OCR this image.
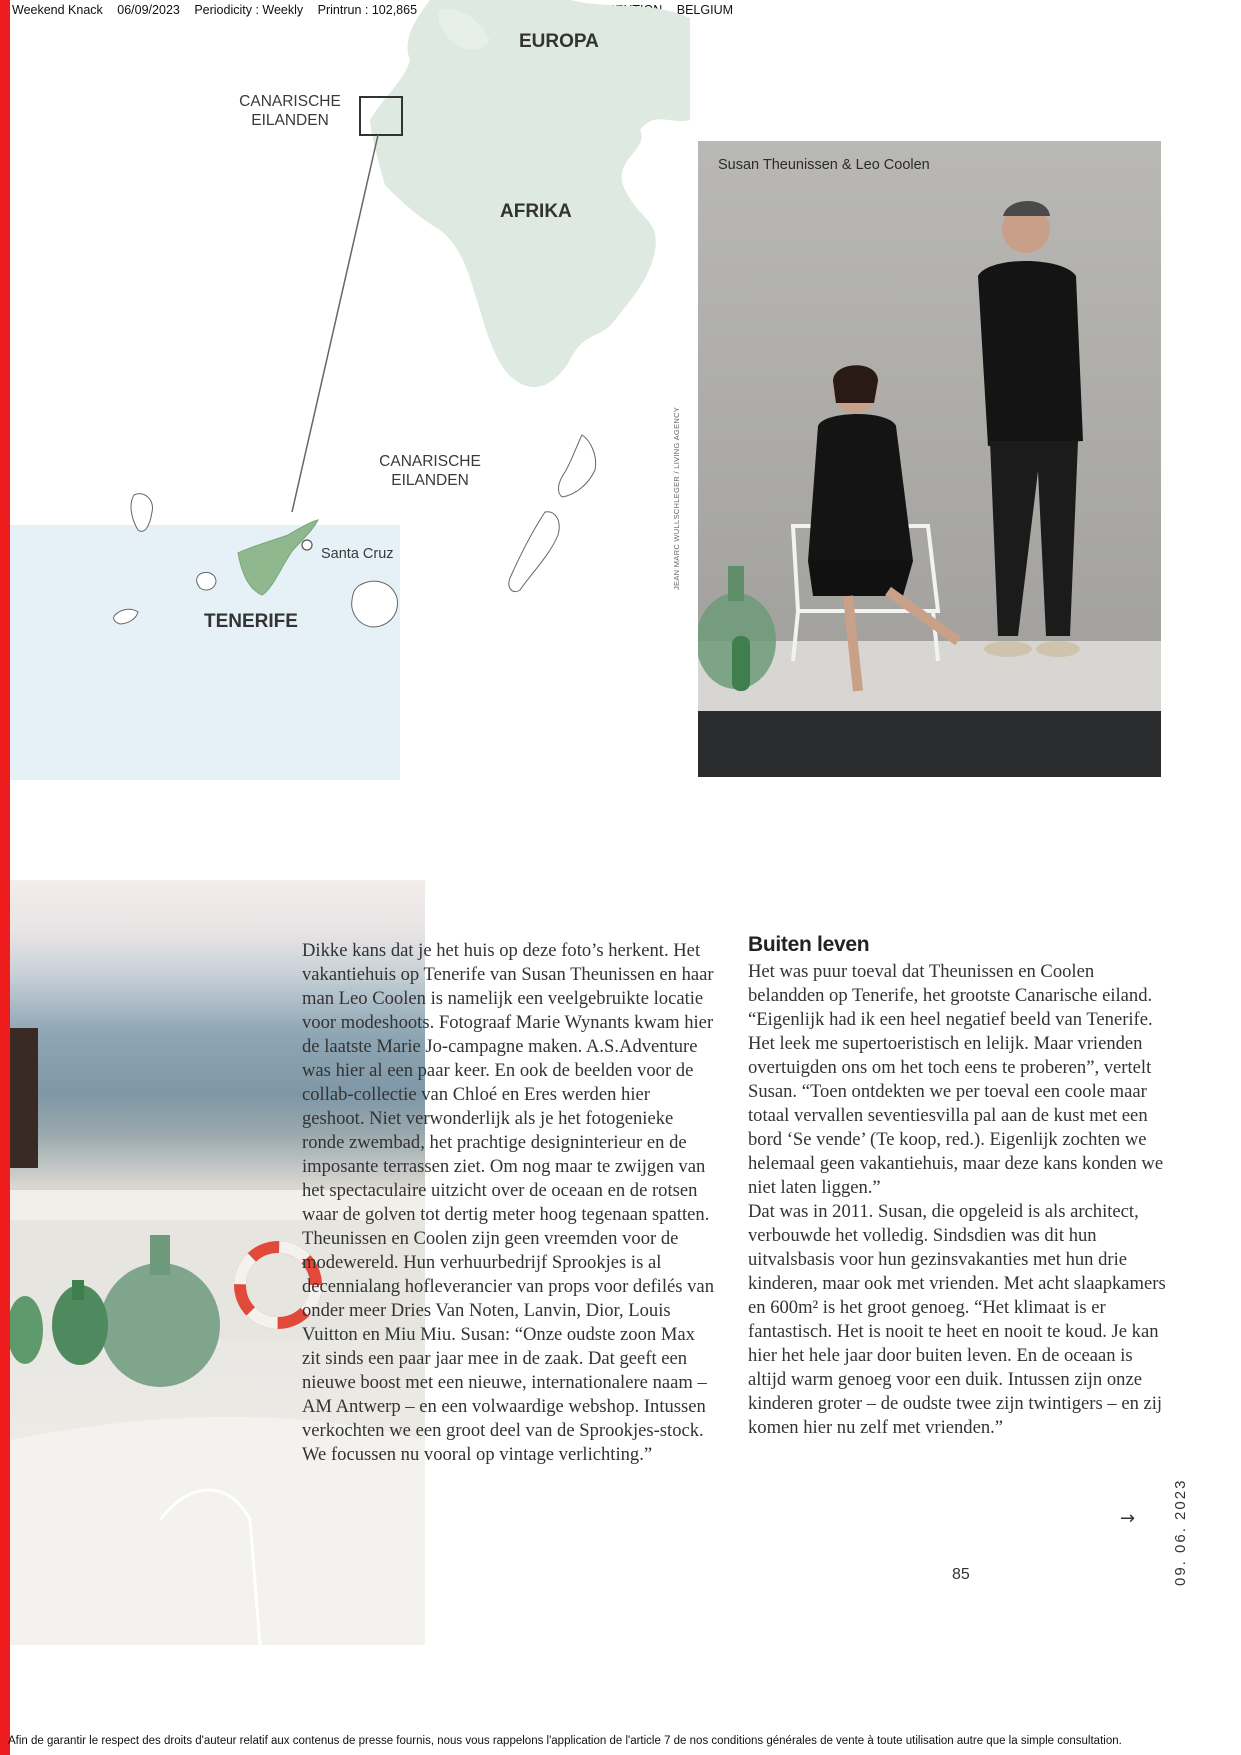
Weekend Knack 06/09/2023 Periodicity : Weekly Printrun : 102,865	BELGIUM
EUROPA
CANARISCHE
EILANDEN
AFRIKA
CANARISCHE
EILANDEN
Santa Cruz
TENERIFE
Susan Theunissen & Leo Coolen
JEAN MARC WULLSCHLEGER / LIVING AGENCY

Dikke kans dat je het huis op deze foto’s herkent. Het vakantiehuis op Tenerife van Susan Theunissen en haar man Leo Coolen is namelijk een veelgebruikte locatie voor modeshoots. Fotograaf Marie Wynants kwam hier de laatste Marie Jo-campagne maken. A.S.Adventure was hier al een paar keer. En ook de beelden voor de collab-collectie van Chloé en Eres werden hier geshoot. Niet verwonderlijk als je het fotogenieke ronde zwembad, het prachtige designinterieur en de imposante terrassen ziet. Om nog maar te zwijgen van het spectaculaire uitzicht over de oceaan en de rotsen waar de golven tot dertig meter hoog tegenaan spatten.

Theunissen en Coolen zijn geen vreemden voor de modewereld. Hun verhuurbedrijf Sprookjes is al decennialang hofleverancier van props voor defilés van onder meer Dries Van Noten, Lanvin, Dior, Louis Vuitton en Miu Miu. Susan: “Onze oudste zoon Max zit sinds een paar jaar mee in de zaak. Dat geeft een nieuwe boost met een nieuwe, internationalere naam – AM Antwerp – en een volwaardige webshop. Intussen verkochten we een groot deel van de Sprookjes-stock. We focussen nu vooral op vintage verlichting.”

Buiten leven

Het was puur toeval dat Theunissen en Coolen belandden op Tenerife, het grootste Canarische eiland. “Eigenlijk had ik een heel negatief beeld van Tenerife. Het leek me supertoeristisch en lelijk. Maar vrienden overtuigden ons om het toch eens te proberen”, vertelt Susan. “Toen ontdekten we per toeval een coole maar totaal vervallen seventiesvilla pal aan de kust met een bord ‘Se vende’ (Te koop, red.). Eigenlijk zochten we helemaal geen vakantiehuis, maar deze kans konden we niet laten liggen.”

Dat was in 2011. Susan, die opgeleid is als architect, verbouwde het volledig. Sindsdien was dit hun uitvalsbasis voor hun gezinsvakanties met hun drie kinderen, maar ook met vrienden. Met acht slaapkamers en 600m² is het groot genoeg. “Het klimaat is er fantastisch. Het is nooit te heet en nooit te koud. Je kan hier het hele jaar door buiten leven. En de oceaan is altijd warm genoeg voor een duik. Intussen zijn onze kinderen groter – de oudste twee zijn twintigers – en zij komen hier nu zelf met vrienden.”

→
85	09. 06. 2023
Afin de garantir le respect des droits d'auteur relatif aux contenus de presse fournis, nous vous rappelons l'application de l'article 7 de nos conditions générales de vente à toute utilisation autre que la simple consultation.
